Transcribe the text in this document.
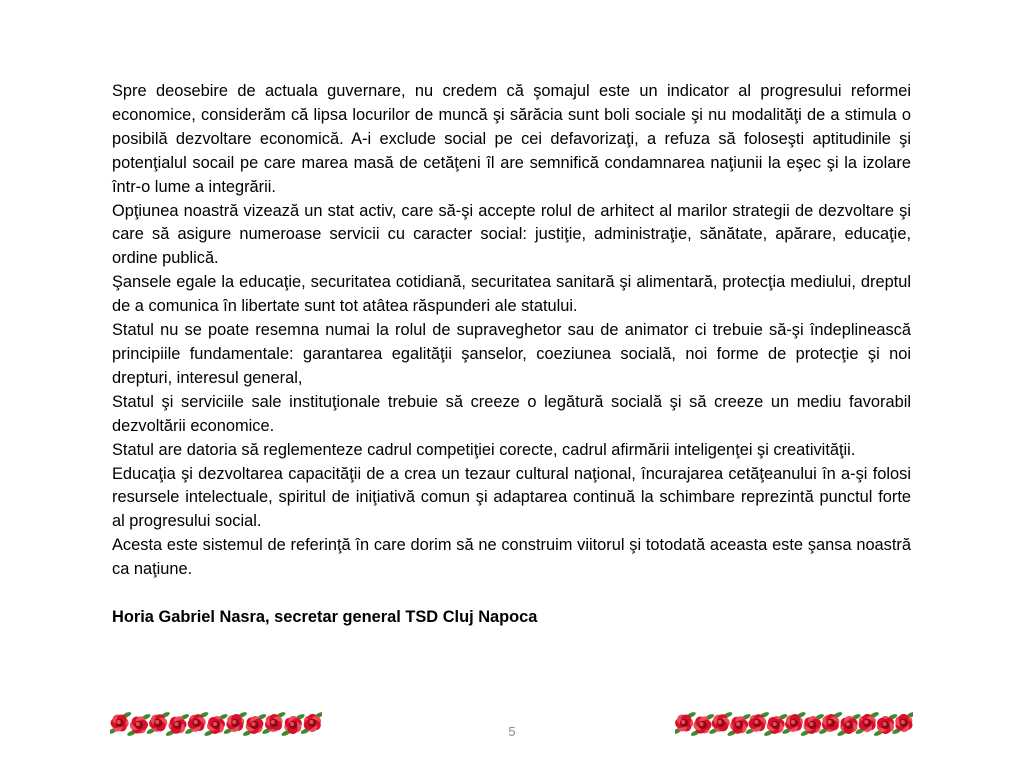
Spre deosebire de actuala guvernare, nu credem că şomajul este un indicator al progresului reformei economice, considerăm că lipsa locurilor de muncă şi sărăcia sunt boli sociale şi nu modalităţi de a stimula o posibilă dezvoltare economică. A-i exclude social pe cei defavorizaţi, a refuza să foloseşti aptitudinile şi potenţialul socail pe care marea masă de cetăţeni îl are semnifică condamnarea naţiunii la eşec şi la izolare într-o lume a integrării.

Opţiunea noastră vizează un stat activ, care să-şi accepte rolul de arhitect al marilor strategii de dezvoltare şi care să asigure numeroase servicii cu caracter social: justiţie, administraţie, sănătate, apărare, educaţie, ordine publică.

Şansele egale la educaţie, securitatea cotidiană, securitatea sanitară şi alimentară, protecţia mediului, dreptul de a comunica în libertate sunt tot atâtea răspunderi ale statului.

Statul nu se poate resemna numai la rolul de supraveghetor sau de animator ci trebuie să-şi îndeplinească principiile fundamentale: garantarea egalităţii şanselor, coeziunea socială, noi forme de protecţie şi noi drepturi, interesul general,

Statul şi serviciile sale instituţionale trebuie să creeze o legătură socială şi să creeze un mediu favorabil dezvoltării economice.

Statul are datoria să reglementeze cadrul competiţiei corecte, cadrul afirmării inteligenţei şi creativităţii.

Educaţia şi dezvoltarea capacităţii de a crea un tezaur cultural naţional, încurajarea cetăţeanului în a-şi folosi resursele intelectuale, spiritul de iniţiativă comun şi adaptarea continuă la schimbare reprezintă punctul forte al progresului social.

Acesta este sistemul de referinţă în care dorim să ne construim viitorul şi totodată aceasta este şansa noastră ca naţiune.

Horia Gabriel Nasra, secretar general TSD Cluj Napoca

5
